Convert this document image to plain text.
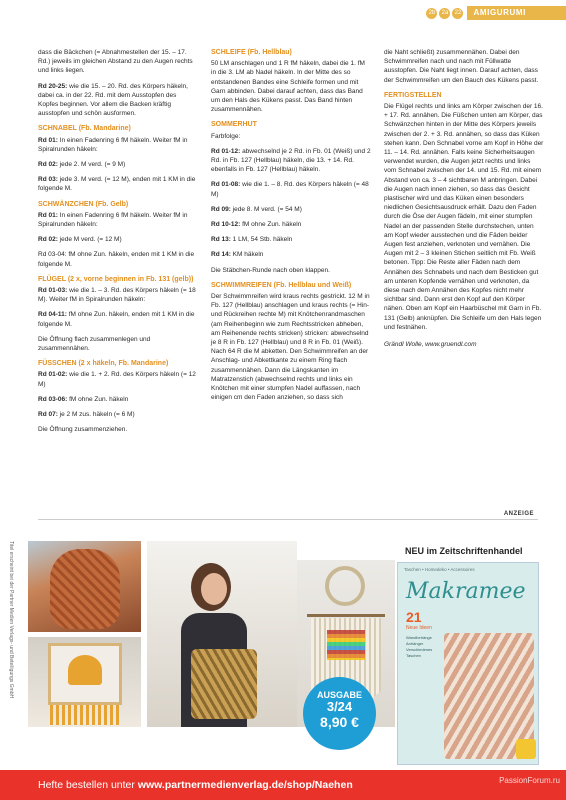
2b	2a	22	AMIGURUMI

dass die Bäckchen (= Abnahmestellen der 15. – 17. Rd.) jeweils im gleichen Abstand zu den Augen rechts und links liegen.

Rd 20-25: wie die 15. – 20. Rd. des Körpers häkeln, dabei ca. in der 22. Rd. mit dem Ausstopfen des Kopfes beginnen. Vor allem die Backen kräftig ausstopfen und schön ausformen.

SCHNABEL (Fb. Mandarine)

Rd 01: In einen Fadenring 6 fM häkeln. Weiter fM in Spiralrunden häkeln:

Rd 02: jede 2. M verd. (= 9 M)

Rd 03: jede 3. M verd. (= 12 M), enden mit 1 KM in die folgende M.

SCHWÄNZCHEN (Fb. Gelb)

Rd 01: In einen Fadenring 6 fM häkeln. Weiter fM in Spiralrunden häkeln:

Rd 02: jede M verd. (= 12 M)

Rd 03-04: fM ohne Zun. häkeln, enden mit 1 KM in die folgende M.

FLÜGEL (2 x, vorne beginnen in Fb. 131 (gelb))

Rd 01-03: wie die 1. – 3. Rd. des Körpers häkeln (= 18 M). Weiter fM in Spiralrunden häkeln:

Rd 04-11: fM ohne Zun. häkeln, enden mit 1 KM in die folgende M.

Die Öffnung flach zusammenlegen und zusammennähen.

FÜSSCHEN (2 x häkeln, Fb. Mandarine)

Rd 01-02: wie die 1. + 2. Rd. des Körpers häkeln (= 12 M)

Rd 03-06: fM ohne Zun. häkeln

Rd 07: je 2 M zus. häkeln (= 6 M)

Die Öffnung zusammenziehen.

SCHLEIFE (Fb. Hellblau)

50 LM anschlagen und 1 R fM häkeln, dabei die 1. fM in die 3. LM ab Nadel häkeln. In der Mitte des so entstandenen Bandes eine Schleife formen und mit Garn abbinden. Dabei darauf achten, dass das Band um den Hals des Kükens passt. Das Band hinten zusammennähen.

SOMMERHUT

Farbfolge:

Rd 01-12: abwechselnd je 2 Rd. in Fb. 01 (Weiß) und 2 Rd. in Fb. 127 (Hellblau) häkeln, die 13. + 14. Rd. ebenfalls in Fb. 127 (Hellblau) häkeln.

Rd 01-08: wie die 1. – 8. Rd. des Körpers häkeln (= 48 M)

Rd 09: jede 8. M verd. (= 54 M)

Rd 10-12: fM ohne Zun. häkeln

Rd 13: 1 LM, 54 Stb. häkeln

Rd 14: KM häkeln

Die Stäbchen-Runde nach oben klappen.

SCHWIMMREIFEN (Fb. Hellblau und Weiß)

Der Schwimmreifen wird kraus rechts gestrickt. 12 M in Fb. 127 (Hellblau) anschlagen und kraus rechts (= Hin- und Rückreihen rechte M) mit Knötchenrandmaschen (am Reihenbeginn wie zum Rechtsstricken abheben, am Reihenende rechts stricken) stricken: abwechselnd je 8 R in Fb. 127 (Hellblau) und 8 R in Fb. 01 (Weiß). Nach 64 R die M abketten. Den Schwimmreifen an der Anschlag- und Abkettkante zu einem Ring flach zusammennähen. Dann die Längskanten im Matratzenstich (abwechselnd rechts und links ein Knötchen mit einer stumpfen Nadel auffassen, nach einigen cm den Faden anziehen, so dass sich

die Naht schließt) zusammennähen. Dabei den Schwimmreifen nach und nach mit Füllwatte ausstopfen. Die Naht liegt innen. Darauf achten, dass der Schwimmreifen um den Bauch des Kükens passt.

FERTIGSTELLEN

Die Flügel rechts und links am Körper zwischen der 16. + 17. Rd. annähen. Die Füßchen unten am Körper, das Schwänzchen hinten in der Mitte des Körpers jeweils zwischen der 2. + 3. Rd. annähen, so dass das Küken stehen kann. Den Schnabel vorne am Kopf in Höhe der 11. – 14. Rd. annähen. Falls keine Sicherheitsaugen verwendet wurden, die Augen jetzt rechts und links vom Schnabel zwischen der 14. und 15. Rd. mit einem Abstand von ca. 3 – 4 sichtbaren M anbringen. Dabei die Augen nach innen ziehen, so dass das Gesicht plastischer wird und das Küken einen besonders niedlichen Gesichtsausdruck erhält. Dazu den Faden durch die Öse der Augen fädeln, mit einer stumpfen Nadel an der passenden Stelle durchstechen, unten am Kopf wieder ausstechen und die Fäden beider Augen fest anziehen, verknoten und vernähen. Die Augen mit 2 – 3 kleinen Stichen seitlich mit Fb. Weiß betonen. Tipp: Die Reste aller Fäden nach dem Annähen des Schnabels und nach dem Besticken gut am unteren Kopfende vernähen und verknoten, da diese nach dem Annähen des Kopfes nicht mehr sichtbar sind. Dann erst den Kopf auf den Körper nähen. Oben am Kopf ein Haarbüschel mit Garn in Fb. 131 (Gelb) anknüpfen. Die Schleife um den Hals legen und festnähen.

Grändl Wolle, www.gruendl.com

ANZEIGE
Titel erscheint bei der Partner Medien Verlags- und Beteiligungs GmbH	NEU im Zeitschriftenhandel
Taschen • Homedeko • Accessoires
Makramee
21
Neue Ideen
Wandbehänge
Anhänger
Verschiedenes
Taschen
AUSGABE
3/24
8,90 €
Hefte bestellen unter www.partnermedienverlag.de/shop/Naehen	PassionForum.ru
